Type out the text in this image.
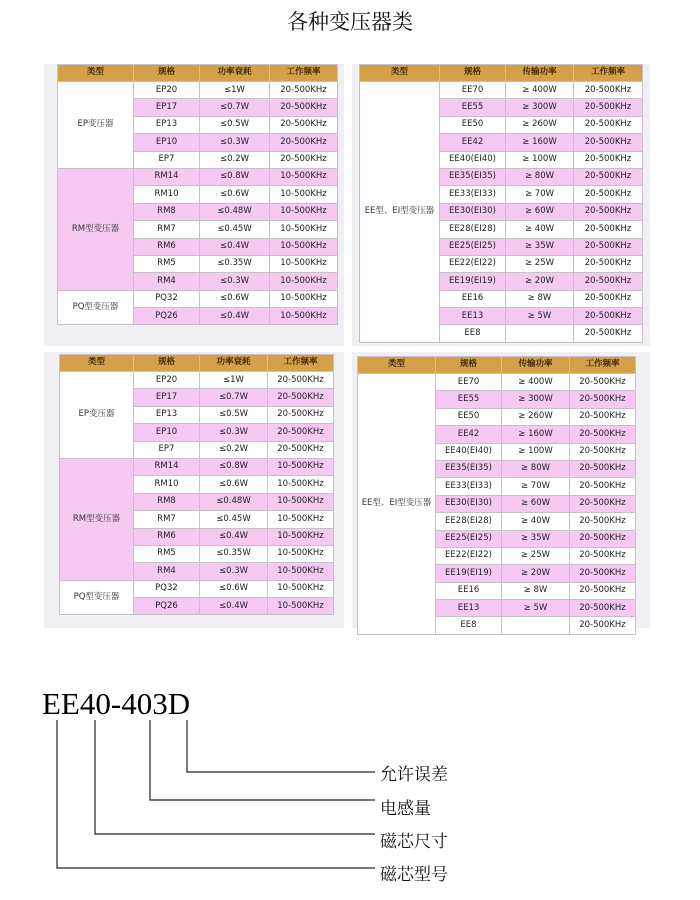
各种变压器类
类型	规格	功率衰耗	工作频率
EP变压器	EP20	≤1W	20-500KHz
	EP17	≤0.7W	20-500KHz
	EP13	≤0.5W	20-500KHz
	EP10	≤0.3W	20-500KHz
	EP7	≤0.2W	20-500KHz
RM型变压器	RM14	≤0.8W	10-500KHz
	RM10	≤0.6W	10-500KHz
	RM8	≤0.48W	10-500KHz
	RM7	≤0.45W	10-500KHz
	RM6	≤0.4W	10-500KHz
	RM5	≤0.35W	10-500KHz
	RM4	≤0.3W	10-500KHz
PQ型变压器	PQ32	≤0.6W	10-500KHz
	PQ26	≤0.4W	10-500KHz
类型	规格	传输功率	工作频率
EE型、EI型变压器	EE70	≥ 400W	20-500KHz
	EE55	≥ 300W	20-500KHz
	EE50	≥ 260W	20-500KHz
	EE42	≥ 160W	20-500KHz
	EE40(EI40)	≥ 100W	20-500KHz
	EE35(EI35)	≥ 80W	20-500KHz
	EE33(EI33)	≥ 70W	20-500KHz
	EE30(EI30)	≥ 60W	20-500KHz
	EE28(EI28)	≥ 40W	20-500KHz
	EE25(EI25)	≥ 35W	20-500KHz
	EE22(EI22)	≥ 25W	20-500KHz
	EE19(EI19)	≥ 20W	20-500KHz
	EE16	≥ 8W	20-500KHz
	EE13	≥ 5W	20-500KHz
	EE8		20-500KHz
类型	规格	功率衰耗	工作频率
EP变压器	EP20	≤1W	20-500KHz
	EP17	≤0.7W	20-500KHz
	EP13	≤0.5W	20-500KHz
	EP10	≤0.3W	20-500KHz
	EP7	≤0.2W	20-500KHz
RM型变压器	RM14	≤0.8W	10-500KHz
	RM10	≤0.6W	10-500KHz
	RM8	≤0.48W	10-500KHz
	RM7	≤0.45W	10-500KHz
	RM6	≤0.4W	10-500KHz
	RM5	≤0.35W	10-500KHz
	RM4	≤0.3W	10-500KHz
PQ型变压器	PQ32	≤0.6W	10-500KHz
	PQ26	≤0.4W	10-500KHz
类型	规格	传输功率	工作频率
EE型、EI型变压器	EE70	≥ 400W	20-500KHz
	EE55	≥ 300W	20-500KHz
	EE50	≥ 260W	20-500KHz
	EE42	≥ 160W	20-500KHz
	EE40(EI40)	≥ 100W	20-500KHz
	EE35(EI35)	≥ 80W	20-500KHz
	EE33(EI33)	≥ 70W	20-500KHz
	EE30(EI30)	≥ 60W	20-500KHz
	EE28(EI28)	≥ 40W	20-500KHz
	EE25(EI25)	≥ 35W	20-500KHz
	EE22(EI22)	≥ 25W	20-500KHz
	EE19(EI19)	≥ 20W	20-500KHz
	EE16	≥ 8W	20-500KHz
	EE13	≥ 5W	20-500KHz
	EE8		20-500KHz
EE40-403D
允许误差
电感量
磁芯尺寸
磁芯型号
